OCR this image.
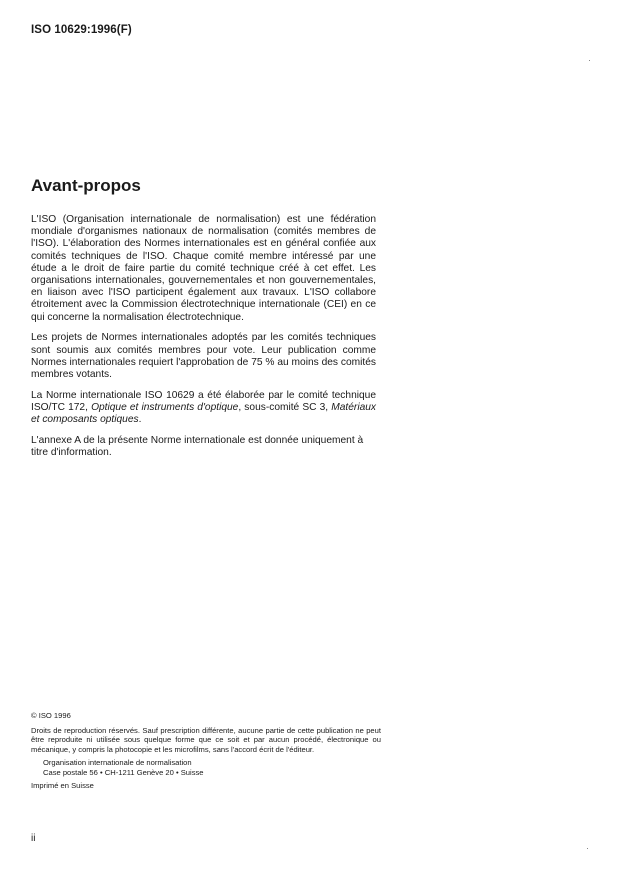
ISO 10629:1996(F)
Avant-propos

L'ISO (Organisation internationale de normalisation) est une fédération mondiale d'organismes nationaux de normalisation (comités membres de l'ISO). L'élaboration des Normes internationales est en général confiée aux comités techniques de l'ISO. Chaque comité membre intéressé par une étude a le droit de faire partie du comité technique créé à cet effet. Les organisations internationales, gouvernementales et non gouvernementales, en liaison avec l'ISO participent également aux travaux. L'ISO collabore étroitement avec la Commission électrotechnique internationale (CEI) en ce qui concerne la normalisation électrotechnique.

Les projets de Normes internationales adoptés par les comités techniques sont soumis aux comités membres pour vote. Leur publication comme Normes internationales requiert l'approbation de 75 % au moins des comités membres votants.

La Norme internationale ISO 10629 a été élaborée par le comité technique ISO/TC 172, Optique et instruments d'optique, sous-comité SC 3, Matériaux et composants optiques.

L'annexe A de la présente Norme internationale est donnée uniquement à titre d'information.

© ISO 1996
Droits de reproduction réservés. Sauf prescription différente, aucune partie de cette publication ne peut être reproduite ni utilisée sous quelque forme que ce soit et par aucun procédé, électronique ou mécanique, y compris la photocopie et les microfilms, sans l'accord écrit de l'éditeur.
Organisation internationale de normalisation
Case postale 56 • CH-1211 Genève 20 • Suisse
Imprimé en Suisse
ii
